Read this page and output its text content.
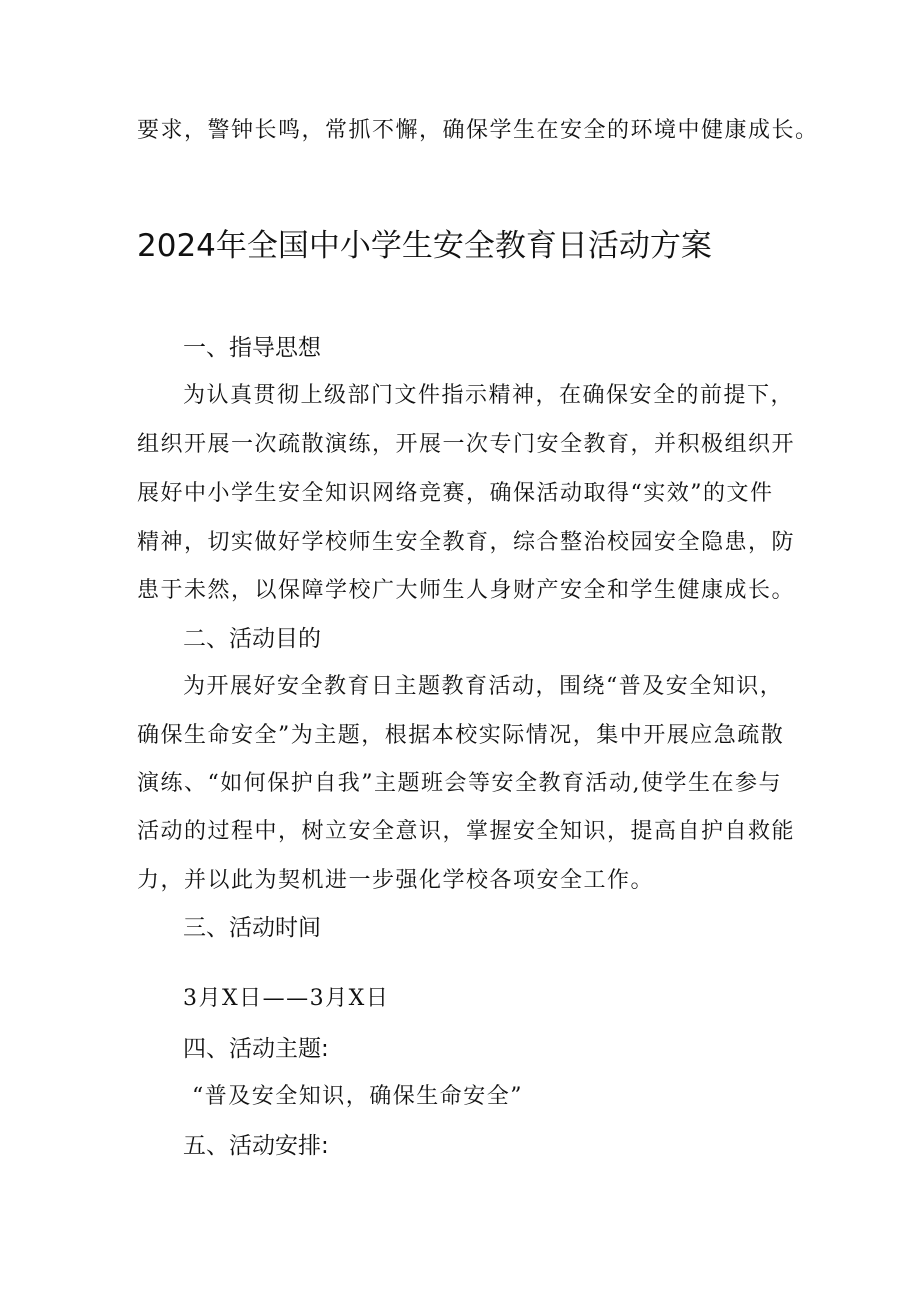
要求，警钟长鸣，常抓不懈，确保学生在安全的环境中健康成长。
2024年全国中小学生安全教育日活动方案
一、指导思想
为认真贯彻上级部门文件指示精神，在确保安全的前提下，
组织开展一次疏散演练，开展一次专门安全教育，并积极组织开
展好中小学生安全知识网络竞赛，确保活动取得“实效”的文件
精神，切实做好学校师生安全教育，综合整治校园安全隐患，防
患于未然，以保障学校广大师生人身财产安全和学生健康成长。
二、活动目的
为开展好安全教育日主题教育活动，围绕“普及安全知识，
确保生命安全”为主题，根据本校实际情况，集中开展应急疏散
演练、“如何保护自我”主题班会等安全教育活动,使学生在参与
活动的过程中，树立安全意识，掌握安全知识，提高自护自救能
力，并以此为契机进一步强化学校各项安全工作。
三、活动时间
3月X日——3月X日
四、活动主题:
“普及安全知识，确保生命安全”
五、活动安排:
